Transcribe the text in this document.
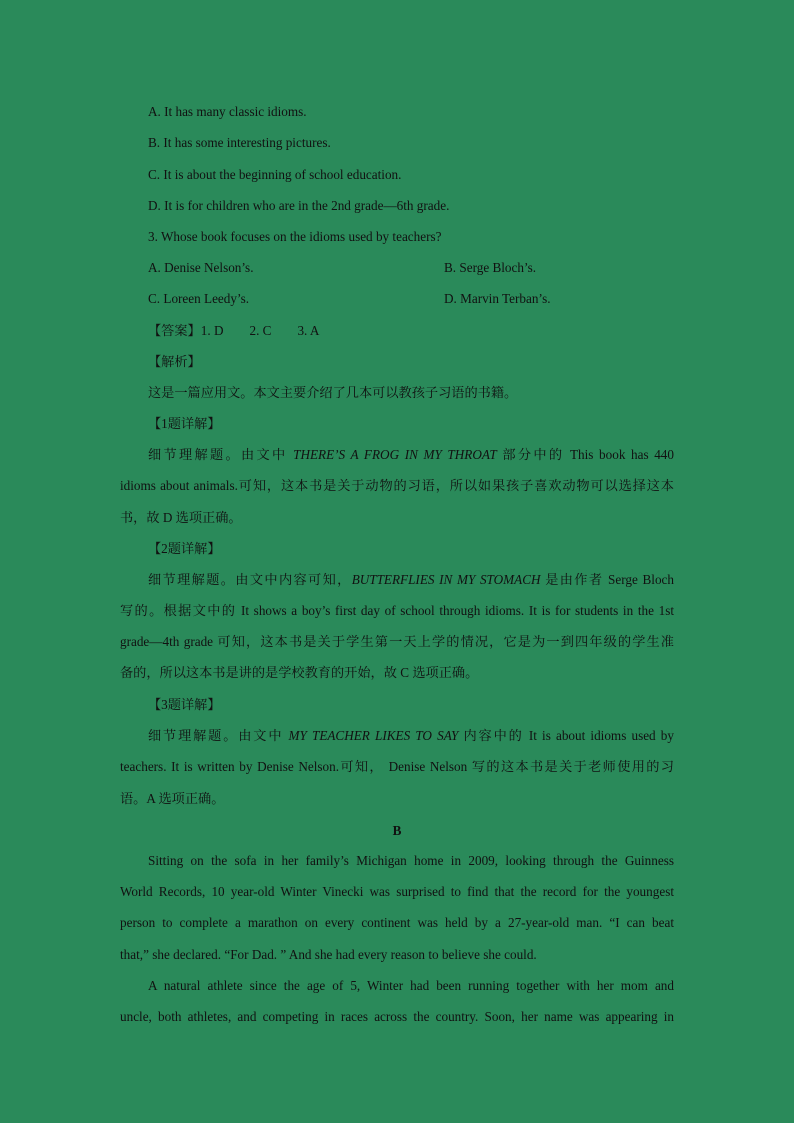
A. It has many classic idioms.
B. It has some interesting pictures.
C. It is about the beginning of school education.
D. It is for children who are in the 2nd grade—6th grade.
3. Whose book focuses on the idioms used by teachers?
A. Denise Nelson’s.	B. Serge Bloch’s.
C. Loreen Leedy’s.	D. Marvin Terban’s.
【答案】1. D 2. C 3. A
【解析】
这是一篇应用文。本文主要介绍了几本可以教孩子习语的书籍。
【1题详解】
细节理解题。由文中 THERE’S A FROG IN MY THROAT 部分中的 This book has 440
idioms about animals.可知，这本书是关于动物的习语，所以如果孩子喜欢动物可以选择这本
书，故 D 选项正确。
【2题详解】
细节理解题。由文中内容可知，BUTTERFLIES IN MY STOMACH 是由作者 Serge Bloch
写的。根据文中的 It shows a boy’s first day of school through idioms. It is for students in the 1st
grade—4th grade 可知，这本书是关于学生第一天上学的情况，它是为一到四年级的学生准
备的，所以这本书是讲的是学校教育的开始，故 C 选项正确。
【3题详解】
细节理解题。由文中 MY TEACHER LIKES TO SAY 内容中的 It is about idioms used by
teachers. It is written by Denise Nelson.可知， Denise Nelson 写的这本书是关于老师使用的习
语。A 选项正确。
B
Sitting on the sofa in her family’s Michigan home in 2009, looking through the Guinness
World Records, 10 year-old Winter Vinecki was surprised to find that the record for the youngest
person to complete a marathon on every continent was held by a 27-year-old man. “I can beat
that,” she declared. “For Dad. ” And she had every reason to believe she could.
A natural athlete since the age of 5, Winter had been running together with her mom and
uncle, both athletes, and competing in races across the country. Soon, her name was appearing in
